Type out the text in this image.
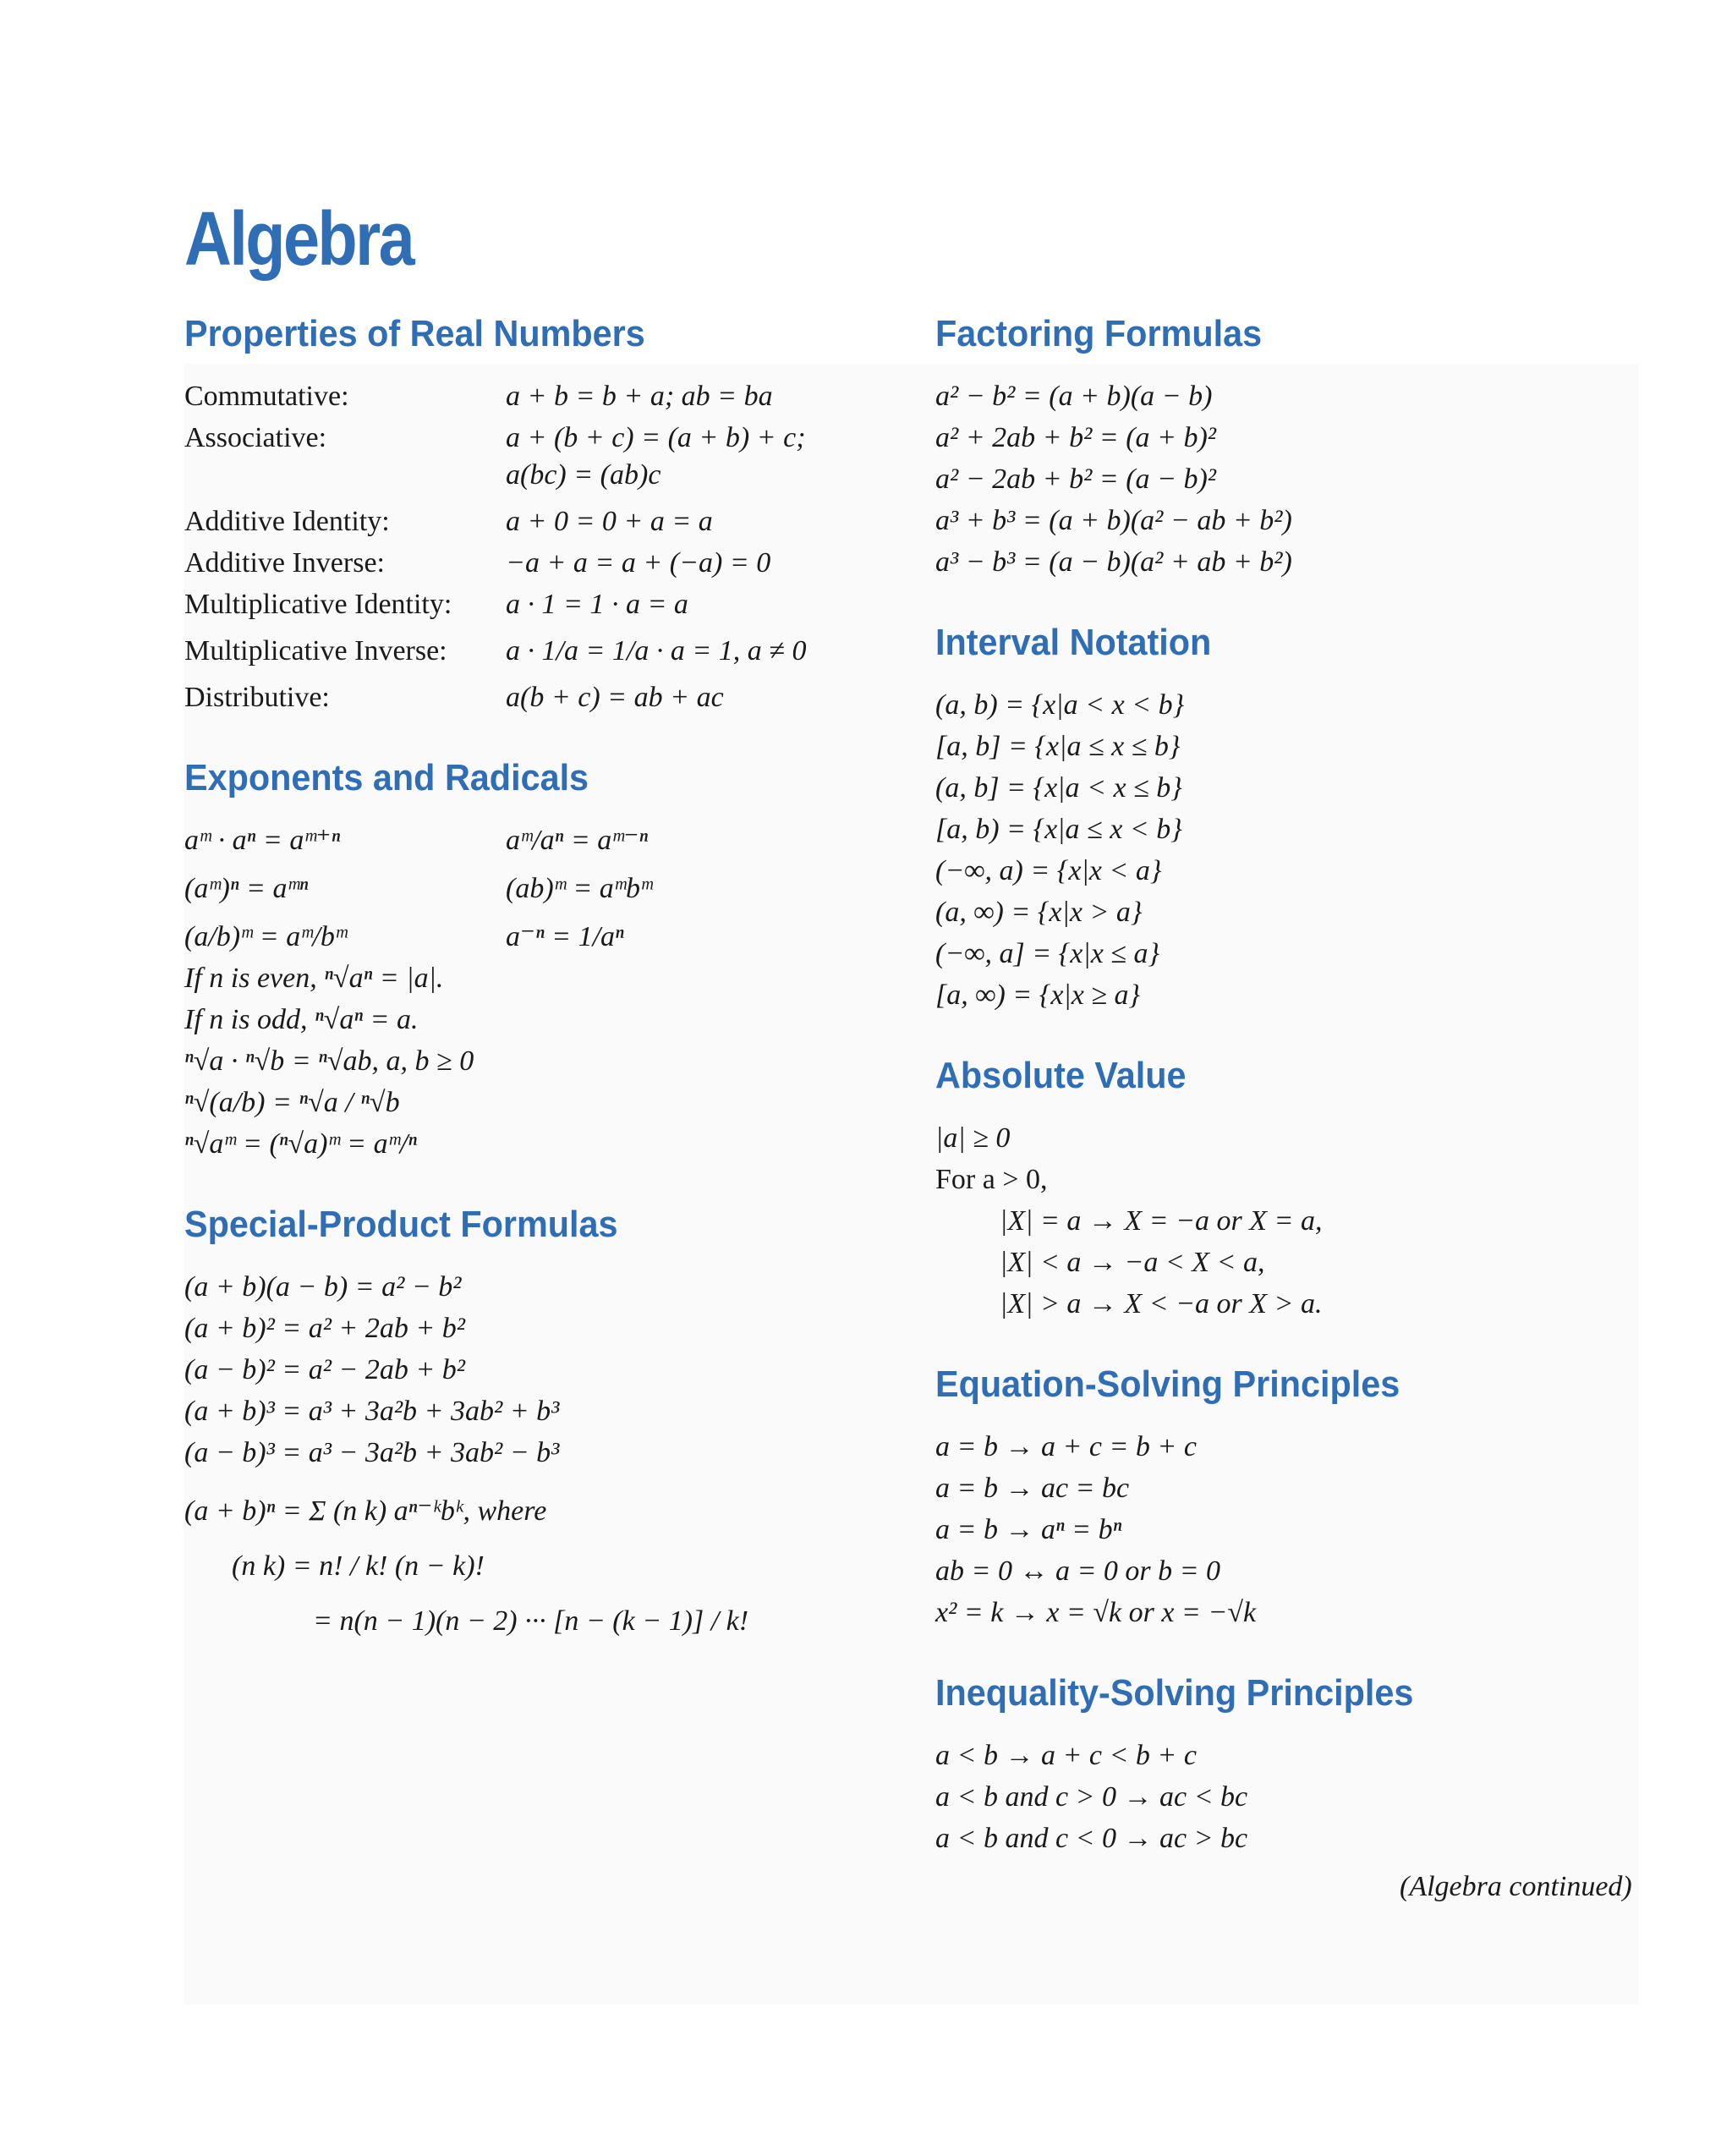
Algebra
Properties of Real Numbers
Commutative:	a + b = b + a; ab = ba
Associative:	a + (b + c) = (a + b) + c;
a(bc) = (ab)c
Additive Identity:	a + 0 = 0 + a = a
Additive Inverse:	−a + a = a + (−a) = 0
Multiplicative Identity:	a · 1 = 1 · a = a
Multiplicative Inverse:	a · 1/a = 1/a · a = 1, a ≠ 0
Distributive:	a(b + c) = ab + ac
Exponents and Radicals
aᵐ · aⁿ = aᵐ⁺ⁿ	aᵐ/aⁿ = aᵐ⁻ⁿ
(aᵐ)ⁿ = aᵐⁿ	(ab)ᵐ = aᵐbᵐ
(a/b)ᵐ = aᵐ/bᵐ	a⁻ⁿ = 1/aⁿ
If n is even, ⁿ√aⁿ = |a|.
If n is odd, ⁿ√aⁿ = a.
ⁿ√a · ⁿ√b = ⁿ√ab, a, b ≥ 0
ⁿ√(a/b) = ⁿ√a / ⁿ√b
ⁿ√aᵐ = (ⁿ√a)ᵐ = aᵐ/ⁿ
Special-Product Formulas
(a + b)(a − b) = a² − b²
(a + b)² = a² + 2ab + b²
(a − b)² = a² − 2ab + b²
(a + b)³ = a³ + 3a²b + 3ab² + b³
(a − b)³ = a³ − 3a²b + 3ab² − b³
(a + b)ⁿ = Σ (n k) aⁿ⁻ᵏbᵏ, where
(n k) = n! / k! (n − k)!
= n(n − 1)(n − 2) ··· [n − (k − 1)] / k!
Factoring Formulas
a² − b² = (a + b)(a − b)
a² + 2ab + b² = (a + b)²
a² − 2ab + b² = (a − b)²
a³ + b³ = (a + b)(a² − ab + b²)
a³ − b³ = (a − b)(a² + ab + b²)
Interval Notation
(a, b) = {x|a < x < b}
[a, b] = {x|a ≤ x ≤ b}
(a, b] = {x|a < x ≤ b}
[a, b) = {x|a ≤ x < b}
(−∞, a) = {x|x < a}
(a, ∞) = {x|x > a}
(−∞, a] = {x|x ≤ a}
[a, ∞) = {x|x ≥ a}
Absolute Value
|a| ≥ 0
For a > 0,
|X| = a → X = −a or X = a,
|X| < a → −a < X < a,
|X| > a → X < −a or X > a.
Equation-Solving Principles
a = b → a + c = b + c
a = b → ac = bc
a = b → aⁿ = bⁿ
ab = 0 ↔ a = 0 or b = 0
x² = k → x = √k or x = −√k
Inequality-Solving Principles
a < b → a + c < b + c
a < b and c > 0 → ac < bc
a < b and c < 0 → ac > bc
(Algebra continued)
